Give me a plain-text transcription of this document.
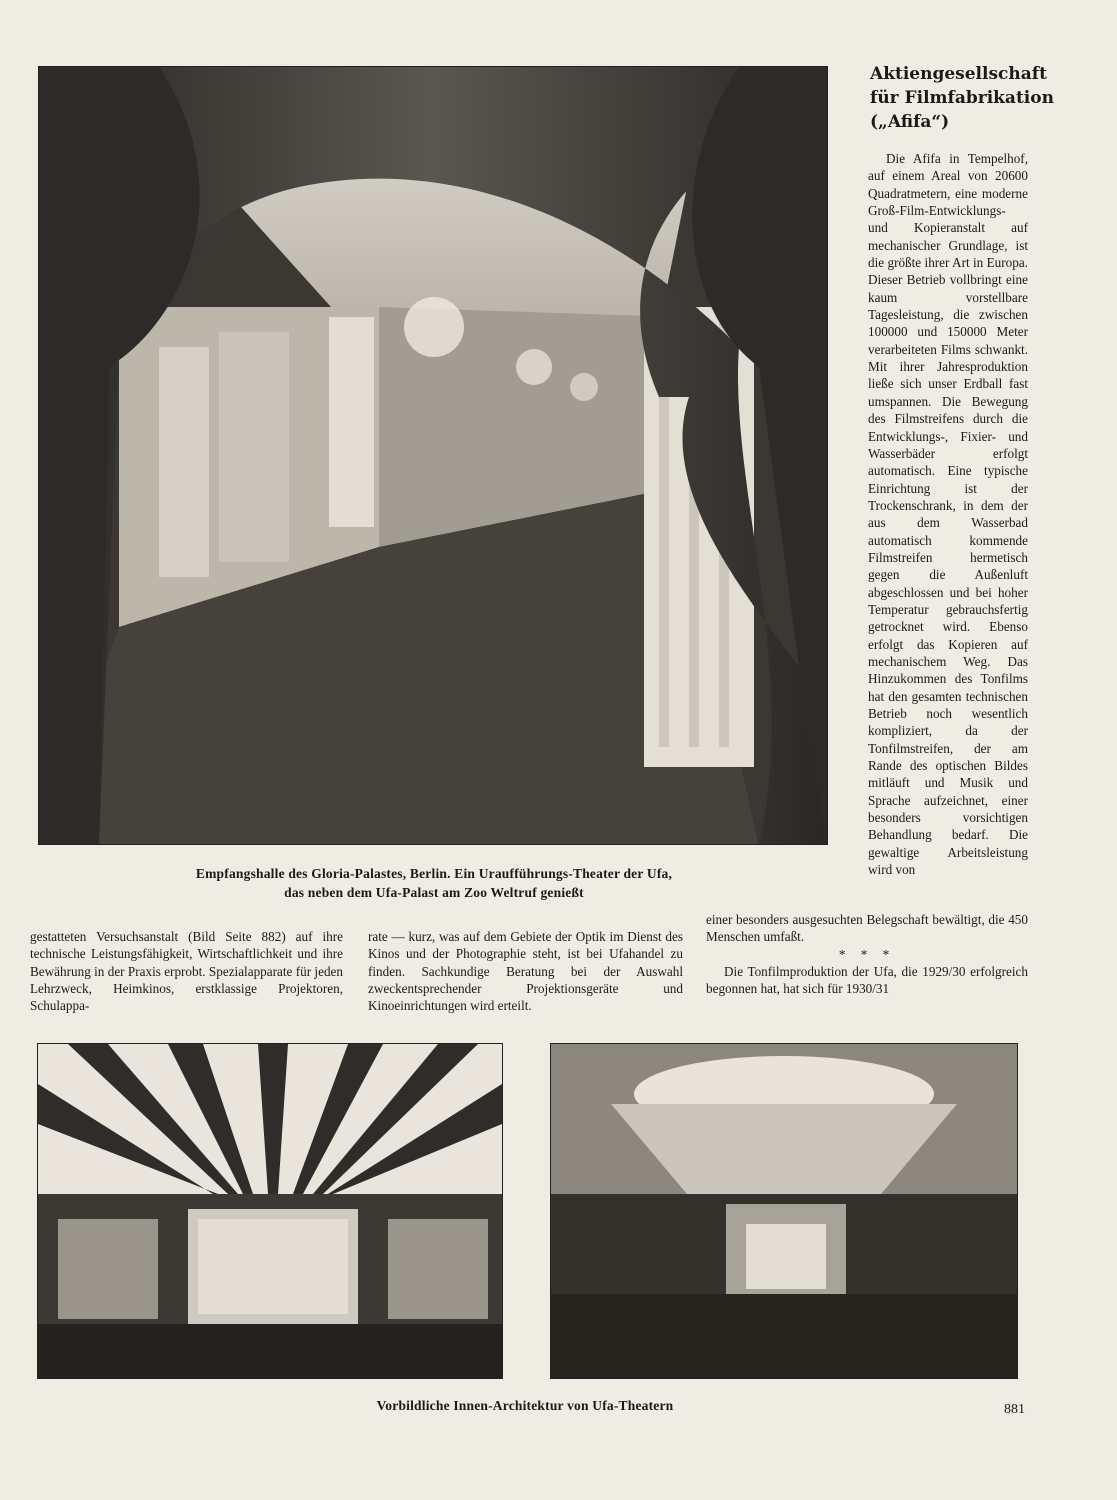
Empfangshalle des Gloria-Palastes, Berlin. Ein Uraufführungs-Theater der Ufa,
das neben dem Ufa-Palast am Zoo Weltruf genießt
Aktiengesellschaft
für Filmfabrikation
(„Afifa“)
Die Afifa in Tempelhof, auf einem Areal von 20600 Quadratmetern, eine moderne Groß-Film-Entwicklungs- und Kopieranstalt auf mechanischer Grundlage, ist die größte ihrer Art in Europa. Dieser Betrieb vollbringt eine kaum vorstellbare Tagesleistung, die zwischen 100000 und 150000 Meter verarbeiteten Films schwankt. Mit ihrer Jahresproduktion ließe sich unser Erdball fast umspannen. Die Bewegung des Filmstreifens durch die Entwicklungs-, Fixier- und Wasserbäder erfolgt automatisch. Eine typische Einrichtung ist der Trockenschrank, in dem der aus dem Wasserbad automatisch kommende Filmstreifen hermetisch gegen die Außenluft abgeschlossen und bei hoher Temperatur gebrauchsfertig getrocknet wird. Ebenso erfolgt das Kopieren auf mechanischem Weg. Das Hinzukommen des Tonfilms hat den gesamten technischen Betrieb noch wesentlich kompliziert, da der Tonfilmstreifen, der am Rande des optischen Bildes mitläuft und Musik und Sprache aufzeichnet, einer besonders vorsichtigen Behandlung bedarf. Die gewaltige Arbeitsleistung wird von

gestatteten Versuchsanstalt (Bild Seite 882) auf ihre technische Leistungsfähigkeit, Wirtschaftlichkeit und ihre Bewährung in der Praxis erprobt. Spezialapparate für jeden Lehrzweck, Heimkinos, erstklassige Projektoren, Schulappa-

rate — kurz, was auf dem Gebiete der Optik im Dienst des Kinos und der Photographie steht, ist bei Ufahandel zu finden. Sachkundige Beratung bei der Auswahl zweckentsprechender Projektionsgeräte und Kinoeinrichtungen wird erteilt.

einer besonders ausgesuchten Belegschaft bewältigt, die 450 Menschen umfaßt.

* * *

Die Tonfilmproduktion der Ufa, die 1929/30 erfolgreich begonnen hat, hat sich für 1930/31

Vorbildliche Innen-Architektur von Ufa-Theatern	881
